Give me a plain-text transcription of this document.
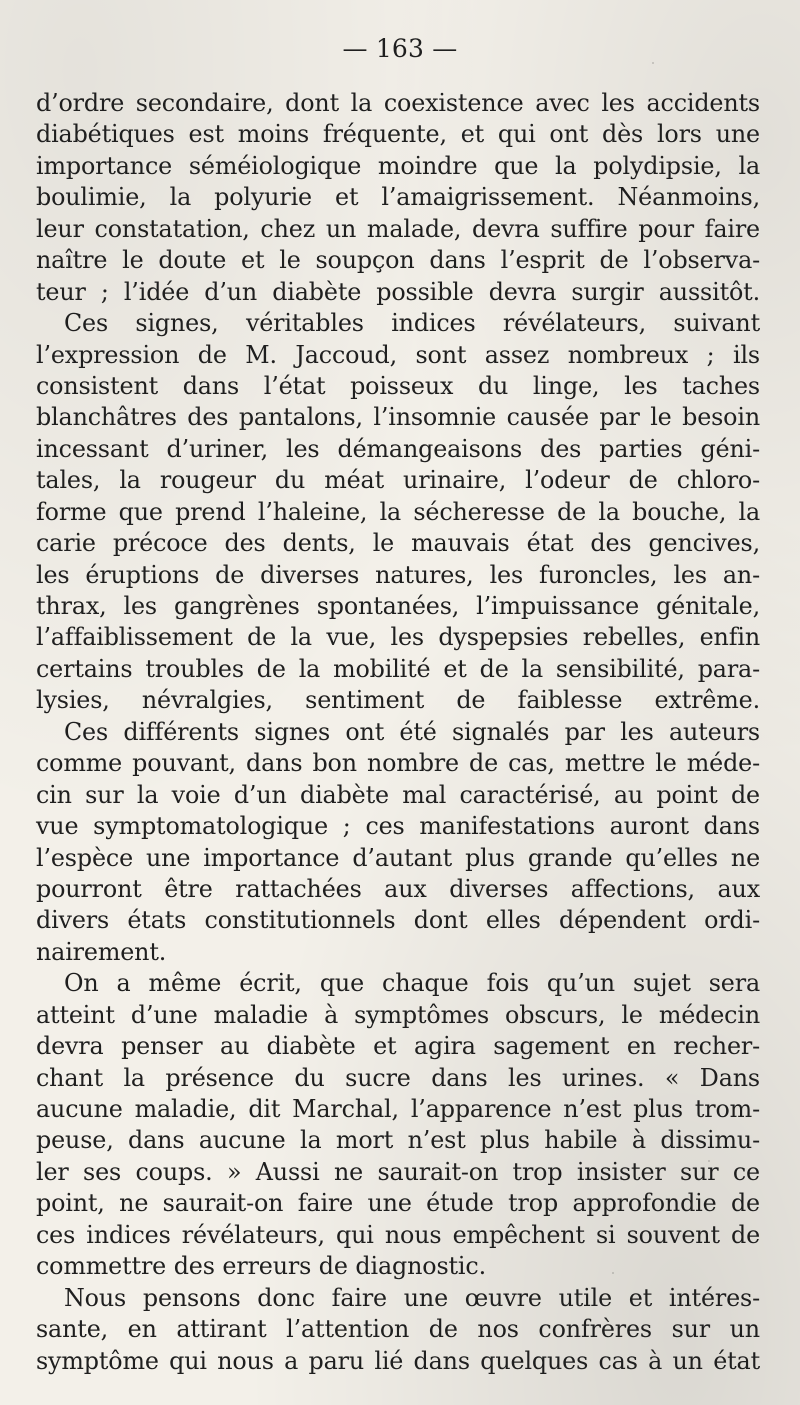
— 163 —
d’ordre secondaire, dont la coexistence avec les accidents
diabétiques est moins fréquente, et qui ont dès lors une
importance séméiologique moindre que la polydipsie, la
boulimie, la polyurie et l’amaigrissement. Néanmoins,
leur constatation, chez un malade, devra suffire pour faire
naître le doute et le soupçon dans l’esprit de l’observa-
teur ; l’idée d’un diabète possible devra surgir aussitôt.
Ces signes, véritables indices révélateurs, suivant
l’expression de M. Jaccoud, sont assez nombreux ; ils
consistent dans l’état poisseux du linge, les taches
blanchâtres des pantalons, l’insomnie causée par le besoin
incessant d’uriner, les démangeaisons des parties géni-
tales, la rougeur du méat urinaire, l’odeur de chloro-
forme que prend l’haleine, la sécheresse de la bouche, la
carie précoce des dents, le mauvais état des gencives,
les éruptions de diverses natures, les furoncles, les an-
thrax, les gangrènes spontanées, l’impuissance génitale,
l’affaiblissement de la vue, les dyspepsies rebelles, enfin
certains troubles de la mobilité et de la sensibilité, para-
lysies, névralgies, sentiment de faiblesse extrême.
Ces différents signes ont été signalés par les auteurs
comme pouvant, dans bon nombre de cas, mettre le méde-
cin sur la voie d’un diabète mal caractérisé, au point de
vue symptomatologique ; ces manifestations auront dans
l’espèce une importance d’autant plus grande qu’elles ne
pourront être rattachées aux diverses affections, aux
divers états constitutionnels dont elles dépendent ordi-
nairement.
On a même écrit, que chaque fois qu’un sujet sera
atteint d’une maladie à symptômes obscurs, le médecin
devra penser au diabète et agira sagement en recher-
chant la présence du sucre dans les urines. « Dans
aucune maladie, dit Marchal, l’apparence n’est plus trom-
peuse, dans aucune la mort n’est plus habile à dissimu-
ler ses coups. » Aussi ne saurait-on trop insister sur ce
point, ne saurait-on faire une étude trop approfondie de
ces indices révélateurs, qui nous empêchent si souvent de
commettre des erreurs de diagnostic.
Nous pensons donc faire une œuvre utile et intéres-
sante, en attirant l’attention de nos confrères sur un
symptôme qui nous a paru lié dans quelques cas à un état
